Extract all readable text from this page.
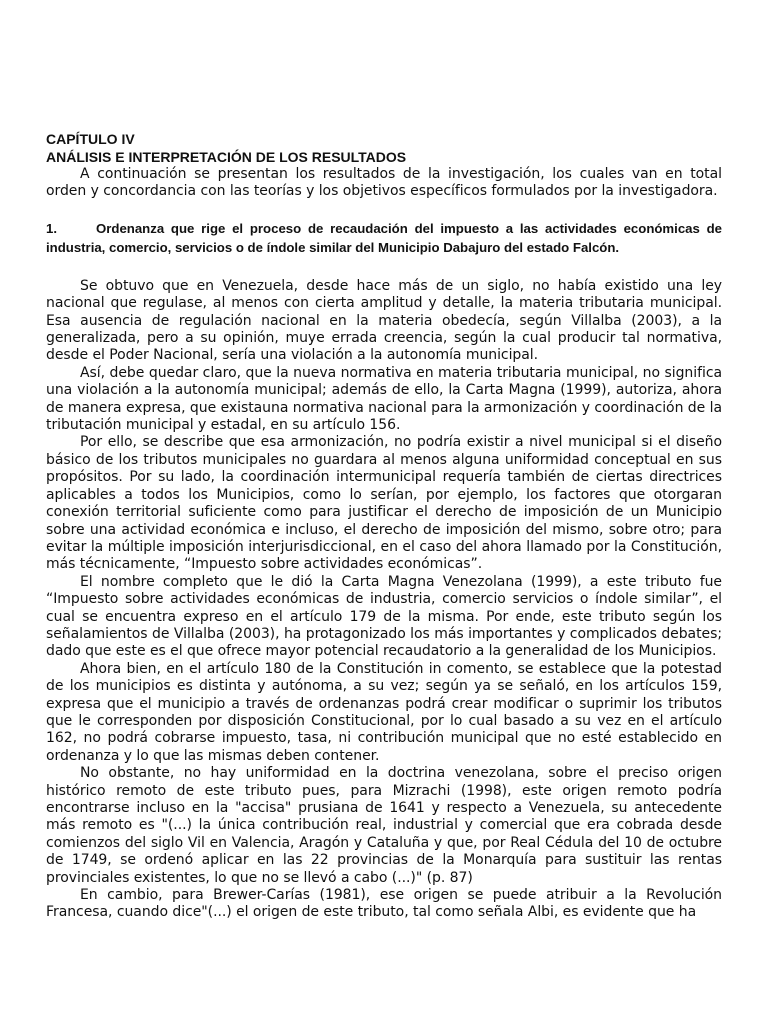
CAPÍTULO IV

ANÁLISIS E INTERPRETACIÓN DE LOS RESULTADOS

A continuación se presentan los resultados de la investigación, los cuales van en total orden y concordancia con las teorías y los objetivos específicos formulados por la investigadora.

1.	Ordenanza que rige el proceso de recaudación del impuesto a las actividades económicas de industria, comercio, servicios o de índole similar del Municipio Dabajuro del estado Falcón.

Se obtuvo que en Venezuela, desde hace más de un siglo, no había existido una ley nacional que regulase, al menos con cierta amplitud y detalle, la materia tributaria municipal. Esa ausencia de regulación nacional en la materia obedecía, según Villalba (2003), a la generalizada, pero a su opinión, muye errada creencia, según la cual producir tal normativa, desde el Poder Nacional, sería una violación a la autonomía municipal.

Así, debe quedar claro, que la nueva normativa en materia tributaria municipal, no significa una violación a la autonomía municipal; además de ello, la Carta Magna (1999), autoriza, ahora de manera expresa, que existauna normativa nacional para la armonización y coordinación de la tributación municipal y estadal, en su artículo 156.

Por ello, se describe que esa armonización, no podría existir a nivel municipal si el diseño básico de los tributos municipales no guardara al menos alguna uniformidad conceptual en sus propósitos. Por su lado, la coordinación intermunicipal requería también de ciertas directrices aplicables a todos los Municipios, como lo serían, por ejemplo, los factores que otorgaran conexión territorial suficiente como para justificar el derecho de imposición de un Municipio sobre una actividad económica e incluso, el derecho de imposición del mismo, sobre otro; para evitar la múltiple imposición interjurisdiccional, en el caso del ahora llamado por la Constitución, más técnicamente, “Impuesto sobre actividades económicas”.

El nombre completo que le dió la Carta Magna Venezolana (1999), a este tributo fue “Impuesto sobre actividades económicas de industria, comercio servicios o índole similar”, el cual se encuentra expreso en el artículo 179 de la misma. Por ende, este tributo según los señalamientos de Villalba (2003), ha protagonizado los más importantes y complicados debates; dado que este es el que ofrece mayor potencial recaudatorio a la generalidad de los Municipios.

Ahora bien, en el artículo 180 de la Constitución in comento, se establece que la potestad de los municipios es distinta y autónoma, a su vez; según ya se señaló, en los artículos 159, expresa que el municipio a través de ordenanzas podrá crear modificar o suprimir los tributos que le corresponden por disposición Constitucional, por lo cual basado a su vez en el artículo 162, no podrá cobrarse impuesto, tasa, ni contribución municipal que no esté establecido en ordenanza y lo que las mismas deben contener.

No obstante, no hay uniformidad en la doctrina venezolana, sobre el preciso origen histórico remoto de este tributo pues, para Mizrachi (1998), este origen remoto podría encontrarse incluso en la "accisa" prusiana de 1641 y respecto a Venezuela, su antecedente más remoto es "(...) la única contribución real, industrial y comercial que era cobrada desde comienzos del siglo Vil en Valencia, Aragón y Cataluña y que, por Real Cédula del 10 de octubre de 1749, se ordenó aplicar en las 22 provincias de la Monarquía para sustituir las rentas provinciales existentes, lo que no se llevó a cabo (...)" (p. 87)

En cambio, para Brewer-Carías (1981), ese origen se puede atribuir a la Revolución Francesa, cuando dice"(...) el origen de este tributo, tal como señala Albi, es evidente que ha
